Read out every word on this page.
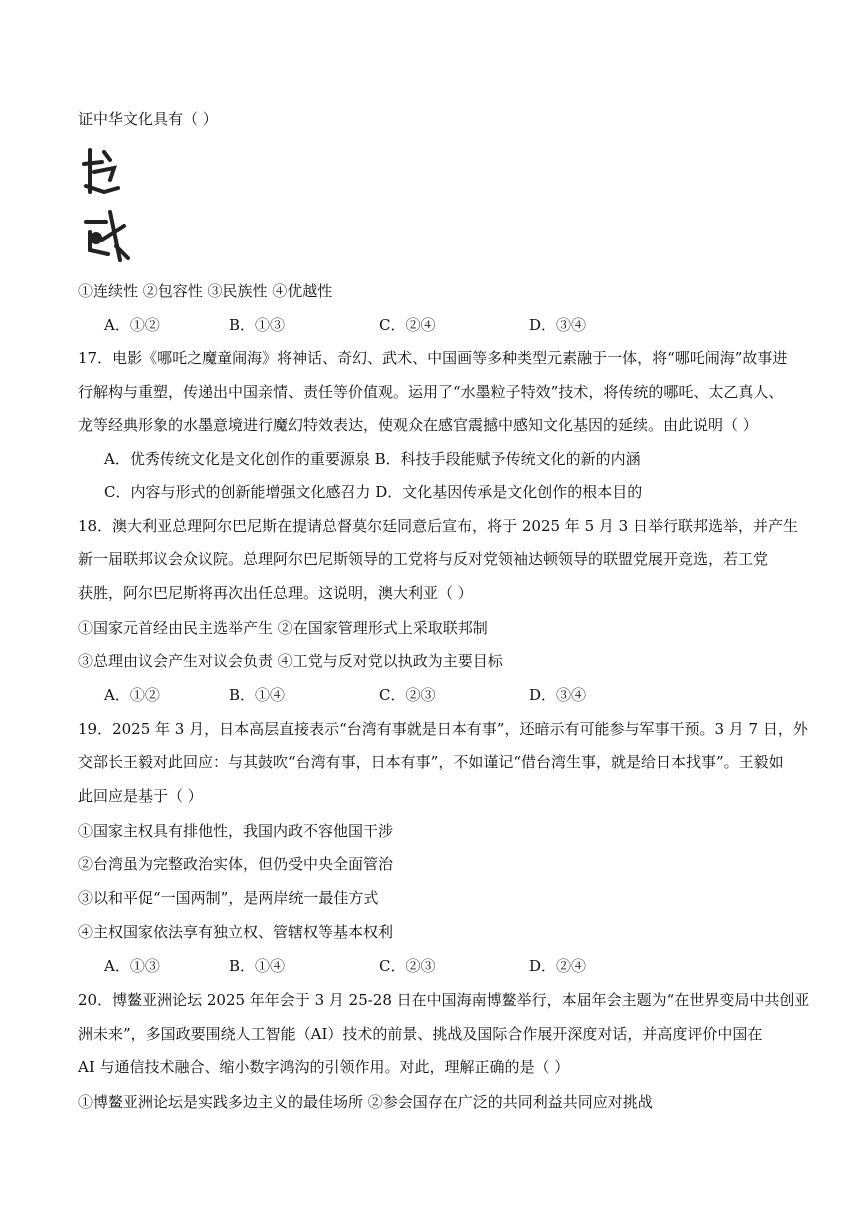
证中华文化具有（ ）
①连续性 ②包容性 ③民族性 ④优越性
A．①②	B．①③	C．②④	D．③④
17．电影《哪吒之魔童闹海》将神话、奇幻、武术、中国画等多种类型元素融于一体，将“哪吒闹海”故事进
行解构与重塑，传递出中国亲情、责任等价值观。运用了“水墨粒子特效”技术，将传统的哪吒、太乙真人、
龙等经典形象的水墨意境进行魔幻特效表达，使观众在感官震撼中感知文化基因的延续。由此说明（ ）
A．优秀传统文化是文化创作的重要源泉 B．科技手段能赋予传统文化的新的内涵
C．内容与形式的创新能增强文化感召力 D．文化基因传承是文化创作的根本目的
18．澳大利亚总理阿尔巴尼斯在提请总督莫尔廷同意后宣布，将于 2025 年 5 月 3 日举行联邦选举，并产生
新一届联邦议会众议院。总理阿尔巴尼斯领导的工党将与反对党领袖达顿领导的联盟党展开竞选，若工党
获胜，阿尔巴尼斯将再次出任总理。这说明，澳大利亚（ ）
①国家元首经由民主选举产生 ②在国家管理形式上采取联邦制
③总理由议会产生对议会负责 ④工党与反对党以执政为主要目标
A．①②	B．①④	C．②③	D．③④
19．2025 年 3 月，日本高层直接表示“台湾有事就是日本有事”，还暗示有可能参与军事干预。3 月 7 日，外
交部长王毅对此回应：与其鼓吹“台湾有事，日本有事”，不如谨记“借台湾生事，就是给日本找事”。王毅如
此回应是基于（ ）
①国家主权具有排他性，我国内政不容他国干涉
②台湾虽为完整政治实体，但仍受中央全面管治
③以和平促“一国两制”，是两岸统一最佳方式
④主权国家依法享有独立权、管辖权等基本权利
A．①③	B．①④	C．②③	D．②④
20．博鳌亚洲论坛 2025 年年会于 3 月 25-28 日在中国海南博鳌举行，本届年会主题为“在世界变局中共创亚
洲未来”，多国政要围绕人工智能（AI）技术的前景、挑战及国际合作展开深度对话，并高度评价中国在
AI 与通信技术融合、缩小数字鸿沟的引领作用。对此，理解正确的是（ ）
①博鳌亚洲论坛是实践多边主义的最佳场所 ②参会国存在广泛的共同利益共同应对挑战
